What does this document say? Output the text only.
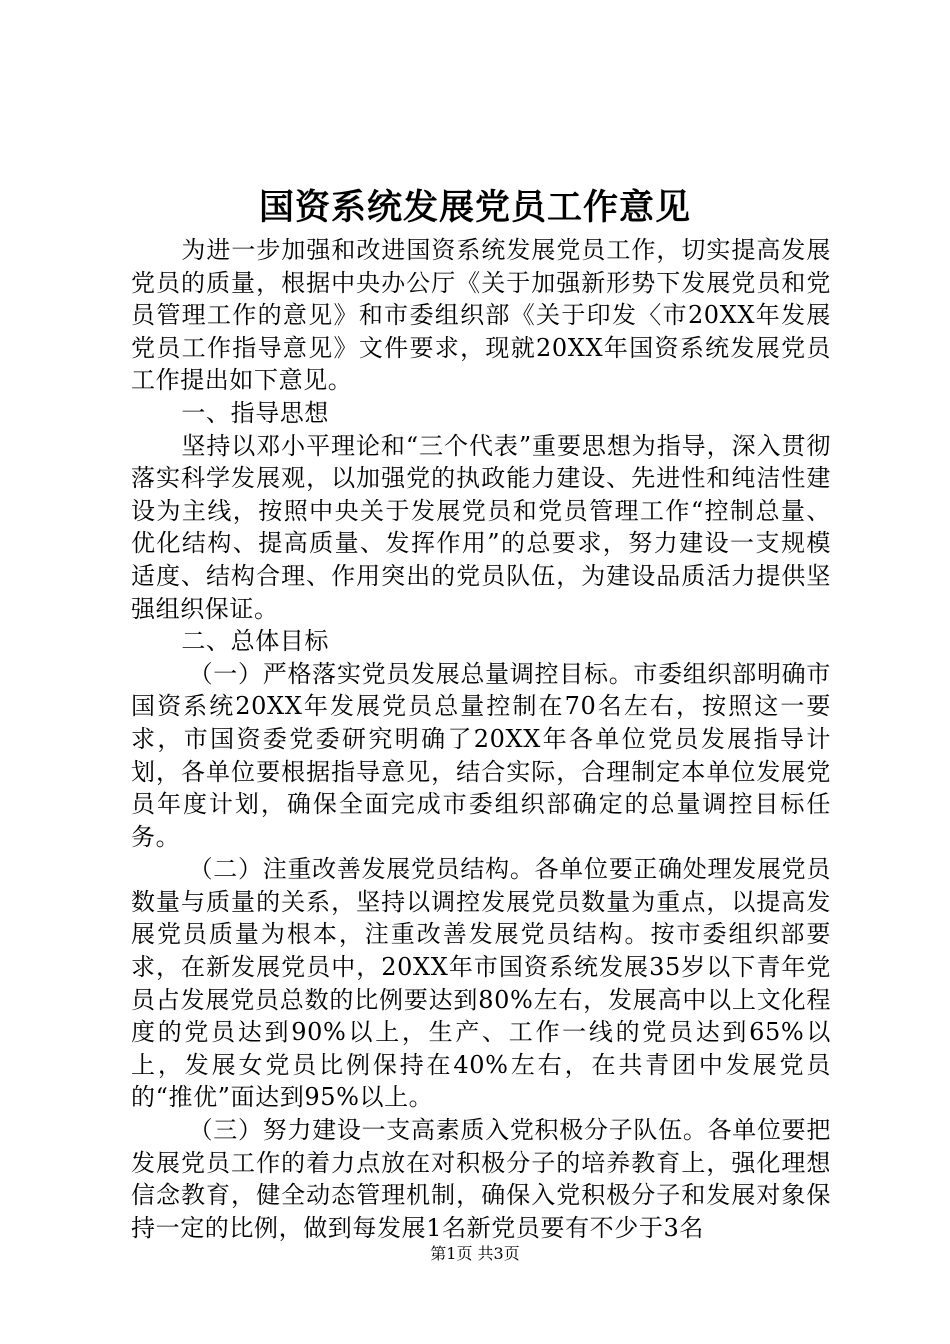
国资系统发展党员工作意见

为进一步加强和改进国资系统发展党员工作，切实提高发展党员的质量，根据中央办公厅《关于加强新形势下发展党员和党员管理工作的意见》和市委组织部《关于印发〈市20XX年发展党员工作指导意见》文件要求，现就20XX年国资系统发展党员工作提出如下意见。

一、指导思想

坚持以邓小平理论和“三个代表”重要思想为指导，深入贯彻落实科学发展观，以加强党的执政能力建设、先进性和纯洁性建设为主线，按照中央关于发展党员和党员管理工作“控制总量、优化结构、提高质量、发挥作用”的总要求，努力建设一支规模适度、结构合理、作用突出的党员队伍，为建设品质活力提供坚强组织保证。

二、总体目标

（一）严格落实党员发展总量调控目标。市委组织部明确市国资系统20XX年发展党员总量控制在70名左右，按照这一要求，市国资委党委研究明确了20XX年各单位党员发展指导计划，各单位要根据指导意见，结合实际，合理制定本单位发展党员年度计划，确保全面完成市委组织部确定的总量调控目标任务。

（二）注重改善发展党员结构。各单位要正确处理发展党员数量与质量的关系，坚持以调控发展党员数量为重点，以提高发展党员质量为根本，注重改善发展党员结构。按市委组织部要求，在新发展党员中，20XX年市国资系统发展35岁以下青年党员占发展党员总数的比例要达到80%左右，发展高中以上文化程度的党员达到90%以上，生产、工作一线的党员达到65%以上，发展女党员比例保持在40%左右，在共青团中发展党员的“推优”面达到95%以上。

（三）努力建设一支高素质入党积极分子队伍。各单位要把发展党员工作的着力点放在对积极分子的培养教育上，强化理想信念教育，健全动态管理机制，确保入党积极分子和发展对象保持一定的比例，做到每发展1名新党员要有不少于3名

第1页 共3页
